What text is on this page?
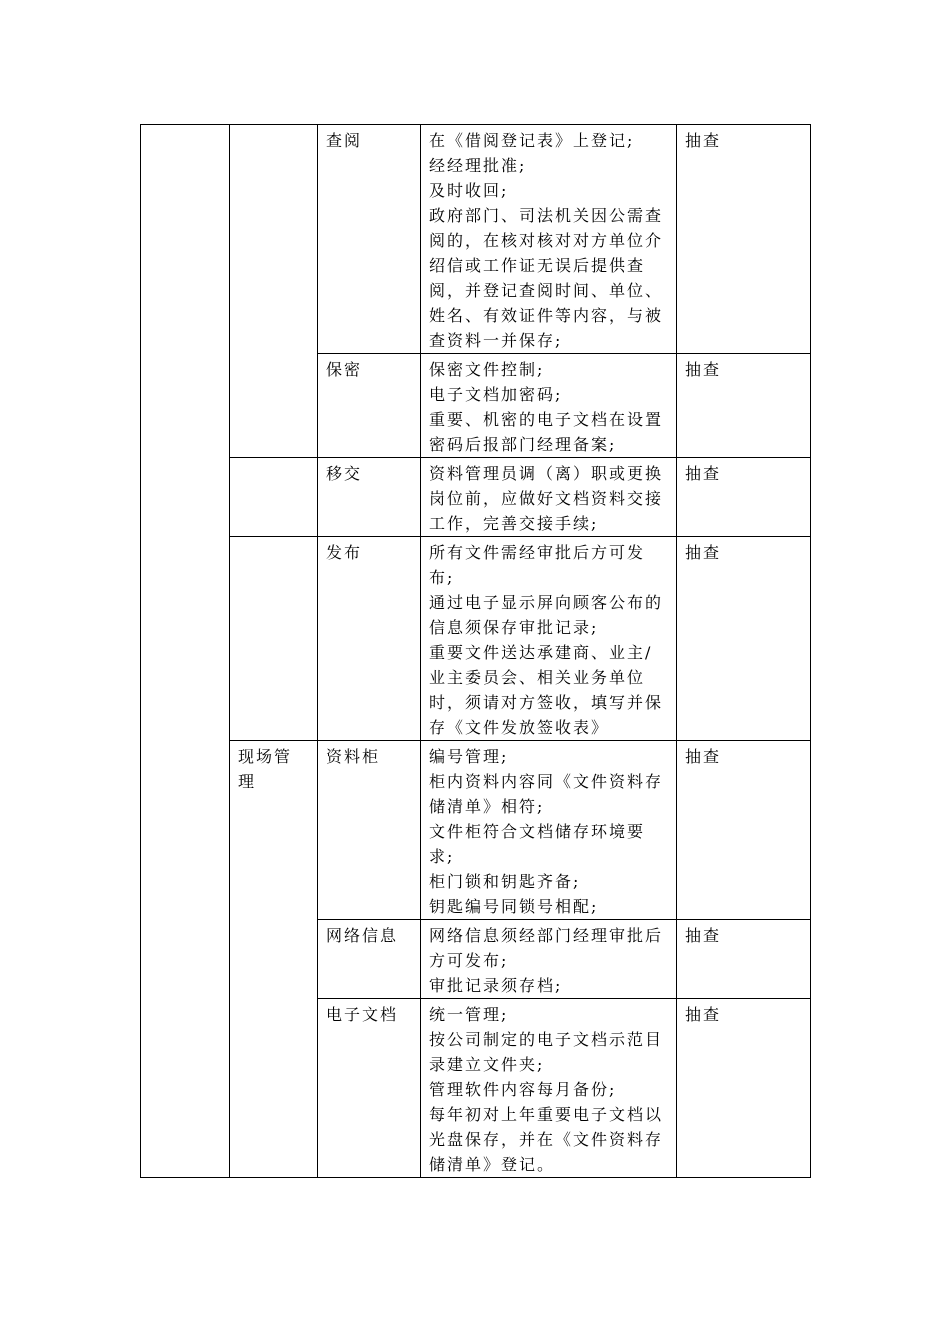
		查阅	在《借阅登记表》上登记;
经经理批准;
及时收回;
政府部门、司法机关因公需查阅的，在核对核对对方单位介绍信或工作证无误后提供查阅，并登记查阅时间、单位、姓名、有效证件等内容，与被查资料一并保存;	抽查
		保密	保密文件控制;
电子文档加密码;
重要、机密的电子文档在设置密码后报部门经理备案;	抽查
		移交	资料管理员调（离）职或更换岗位前，应做好文档资料交接工作，完善交接手续;	抽查
		发布	所有文件需经审批后方可发布;
通过电子显示屏向顾客公布的信息须保存审批记录;
重要文件送达承建商、业主/业主委员会、相关业务单位时，须请对方签收，填写并保存《文件发放签收表》	抽查
	现场管理	资料柜	编号管理;
柜内资料内容同《文件资料存储清单》相符;
文件柜符合文档储存环境要求;
柜门锁和钥匙齐备;
钥匙编号同锁号相配;	抽查
		网络信息	网络信息须经部门经理审批后方可发布;
审批记录须存档;	抽查
		电子文档	统一管理;
按公司制定的电子文档示范目录建立文件夹;
管理软件内容每月备份;
每年初对上年重要电子文档以光盘保存，并在《文件资料存储清单》登记。	抽查
